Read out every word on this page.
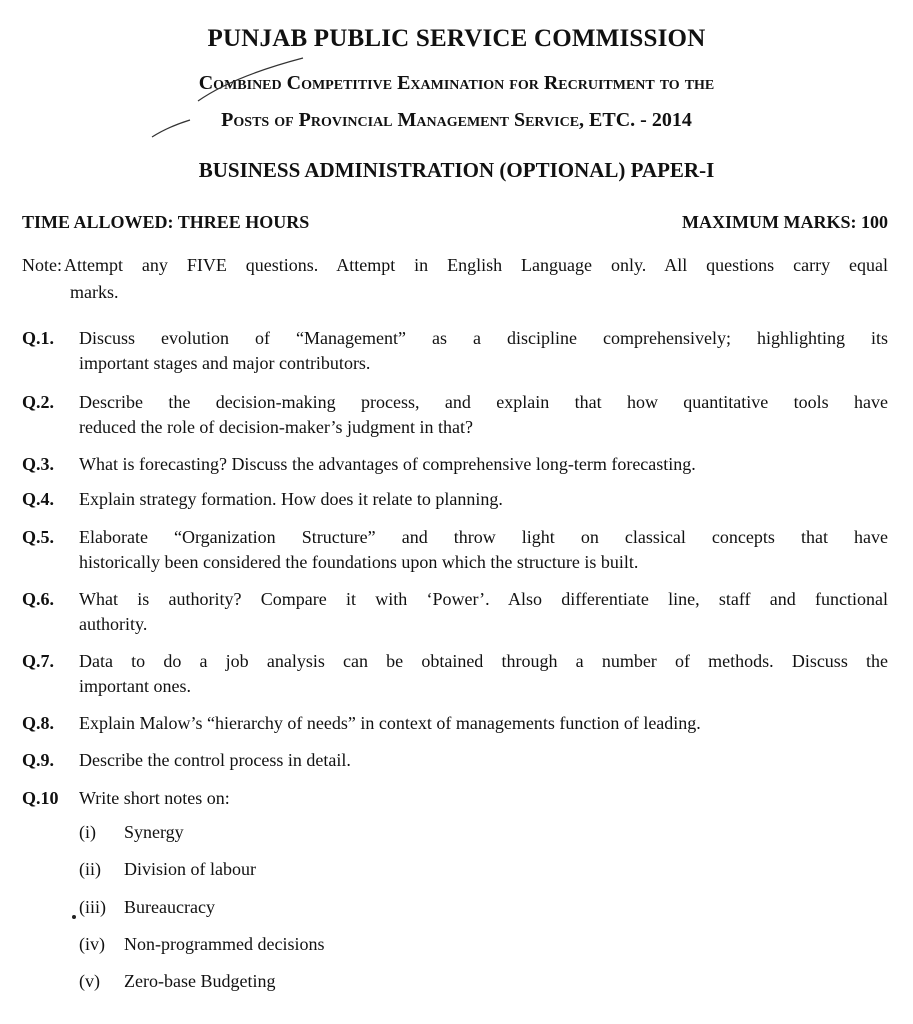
PUNJAB PUBLIC SERVICE COMMISSION
Combined Competitive Examination for Recruitment to the
Posts of Provincial Management Service, ETC. - 2014
BUSINESS ADMINISTRATION (OPTIONAL) PAPER-I
TIME ALLOWED: THREE HOURS	MAXIMUM MARKS: 100
Note: Attempt any FIVE questions. Attempt in English Language only. All questions carry equal
marks.
Q.1. Discuss evolution of “Management” as a discipline comprehensively; highlighting its
important stages and major contributors.
Q.2. Describe the decision-making process, and explain that how quantitative tools have
reduced the role of decision-maker’s judgment in that?
Q.3. What is forecasting? Discuss the advantages of comprehensive long-term forecasting.
Q.4. Explain strategy formation. How does it relate to planning.
Q.5. Elaborate “Organization Structure” and throw light on classical concepts that have
historically been considered the foundations upon which the structure is built.
Q.6. What is authority? Compare it with ‘Power’. Also differentiate line, staff and functional
authority.
Q.7. Data to do a job analysis can be obtained through a number of methods. Discuss the
important ones.
Q.8. Explain Malow’s “hierarchy of needs” in context of managements function of leading.
Q.9. Describe the control process in detail.
Q.10 Write short notes on:
(i) Synergy
(ii) Division of labour
(iii) Bureaucracy
(iv) Non-programmed decisions
(v) Zero-base Budgeting
